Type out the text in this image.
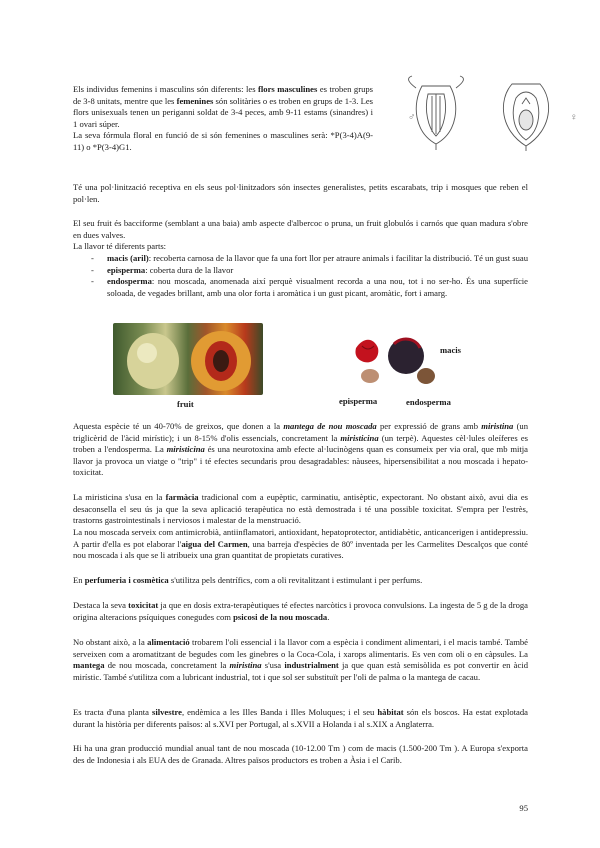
Els individus femenins i masculins són diferents: les flors masculines es troben grups de 3-8 unitats, mentre que les femenines són solitàries o es troben en grups de 1-3. Les flors unisexuals tenen un periganni soldat de 3-4 peces, amb 9-11 estams (sinandres) i 1 ovari súper.
La seva fórmula floral en funció de si són femenines o masculines serà: *P(3-4)A(9-11) o *P(3-4)G1.

♂	♀

Té una pol·linització receptiva en els seus pol·linitzadors són insectes generalistes, petits escarabats, trip i mosques que reben el pol·len.

El seu fruit és bacciforme (semblant a una baia) amb aspecte d'albercoc o pruna, un fruit globulós i carnós que quan madura s'obre en dues valves.

La llavor té diferents parts:

- macis (aril): recoberta carnosa de la llavor que fa una fort llor per atraure animals i facilitar la distribució. Té un gust suau
- episperma: coberta dura de la llavor
- endosperma: nou moscada, anomenada així perquè visualment recorda a una nou, tot i no ser-ho. És una superfície soloada, de vegades brillant, amb una olor forta i aromàtica i un gust picant, aromàtic, fort i amarg.
fruit
macis
episperma	endosperma

Aquesta espècie té un 40-70% de greixos, que donen a la mantega de nou moscada per expressió de grans amb miristina (un triglicèrid de l'àcid mirístic); i un 8-15% d'olis essencials, concretament la miristicina (un terpè). Aquestes cèl·lules oleíferes es troben a l'endosperma. La miristicina és una neurotoxina amb efecte al·lucinògens quan es consumeix per via oral, que mb mitja llavor ja provoca un viatge o "trip" i té efectes secundaris prou desagradables: nàusees, hipersensibilitat a nou moscada i hepato-toxicitat.

La miristicina s'usa en la farmàcia tradicional com a eupèptic, carminatiu, antisèptic, expectorant. No obstant això, avui dia es desaconsella el seu ús ja que la seva aplicació terapèutica no està demostrada i té una possible toxicitat. S'empra per l'estrès, trastorns gastrointestinals i nerviosos i malestar de la menstruació.

La nou moscada serveix com antimicrobià, antiinflamatori, antioxidant, hepatoprotector, antidiabètic, anticancerigen i antidepressiu. A partir d'ella es pot elaborar l'aigua del Carmen, una barreja d'espècies de 80º inventada per les Carmelites Descalços que conté nou moscada i als que se li atribueix una gran quantitat de propietats curatives.

En perfumeria i cosmètica s'utilitza pels dentrífics, com a oli revitalitzant i estimulant i per perfums.

Destaca la seva toxicitat ja que en dosis extra-terapèutiques té efectes narcòtics i provoca convulsions. La ingesta de 5 g de la droga origina alteracions psíquiques conegudes com psicosi de la nou moscada.

No obstant això, a la alimentació trobarem l'oli essencial i la llavor com a espècia i condiment alimentari, i el macis també. També serveixen com a aromatitzant de begudes com les ginebres o la Coca-Cola, i xarops alimentaris. Es ven com oli o en càpsules. La mantega de nou moscada, concretament la miristina s'usa industrialment ja que quan està semisòlida es pot convertir en àcid mirístic. També s'utilitza com a lubricant industrial, tot i que sol ser substituït per l'oli de palma o la mantega de cacau.

Es tracta d'una planta silvestre, endèmica a les Illes Banda i Illes Moluques; i el seu hàbitat són els boscos. Ha estat explotada durant la història per diferents països: al s.XVI per Portugal, al s.XVII a Holanda i al s.XIX a Anglaterra.

Hi ha una gran producció mundial anual tant de nou moscada (10-12.00 Tm ) com de macis (1.500-200 Tm ). A Europa s'exporta des de Indonesia i als EUA des de Granada. Altres països productors es troben a Àsia i el Carib.

95
